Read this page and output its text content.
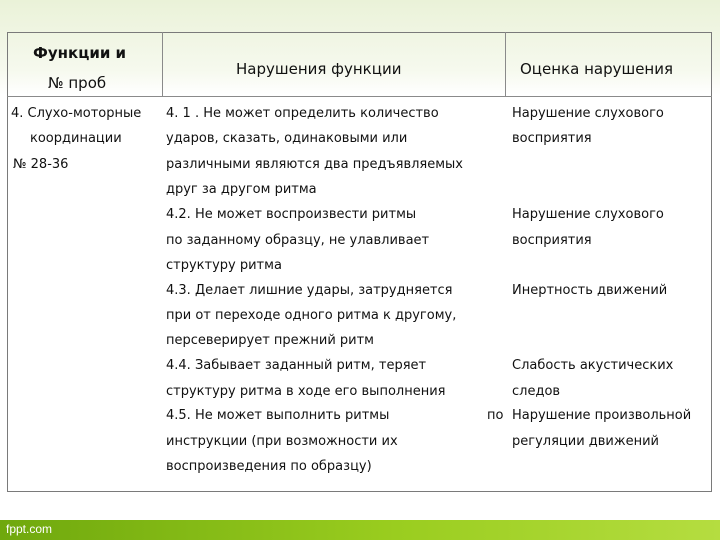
Функции и
№ проб
Нарушения функции	Оценка нарушения
4. Слухо-моторные
координации
№ 28-36
4. 1 . Не может определить количество
ударов, сказать, одинаковыми или
различными являются два предъявляемых
друг за другом ритма
Нарушение слухового
восприятия
4.2. Не может воспроизвести ритмы
по заданному образцу, не улавливает
структуру ритма
Нарушение слухового
восприятия
4.3. Делает лишние удары, затрудняется
при от переходе одного ритма к другому,
персеверирует прежний ритм
Инертность движений
4.4. Забывает заданный ритм, теряет
структуру ритма в ходе его выполнения
Слабость акустических
следов
4.5. Не может выполнить ритмы	по
инструкции (при возможности их
воспроизведения по образцу)
Нарушение произвольной
регуляции движений
fppt.com
